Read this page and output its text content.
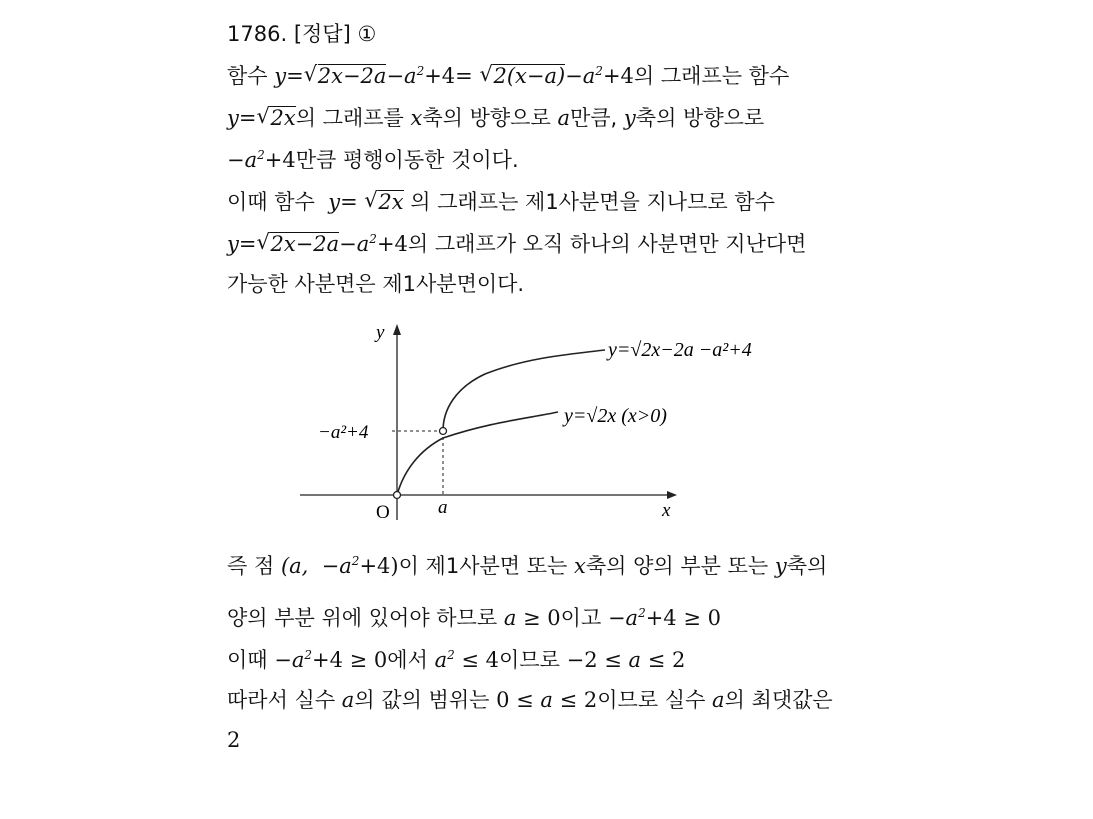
1786. [정답] ①
함수 y= √ $2x-2a-a^2+4=$ √ $2(x-a)-a^2+4$의 그래프는 함수
y= √ 2x의 그래프를 x축의 방향으로 a만큼, y축의 방향으로
$-a^2+4$만큼 평행이동한 것이다.
이때 함수  y= √ 2x 의 그래프는 제1사분면을 지나므로 함수
y= √ $2x-2a-a^2+4$의 그래프가 오직 하나의 사분면만 지난다면
가능한 사분면은 제1사분면이다.
y
x
O	a
−a²+4
y=√2x−2a −a²+4
y=√2x (x>0)
즉 점 (a,  $-a^2+4$)이 제1사분면 또는 x축의 양의 부분 또는 y축의
양의 부분 위에 있어야 하므로 a ≥ 0이고 $-a^2+4 \ge 0$
이때 $-a^2+4 \ge 0$에서 $a^2 \le 4$이므로 −2 ≤ a ≤ 2
따라서 실수 a의 값의 범위는 0 ≤ a ≤ 2이므로 실수 a의 최댓값은
2
